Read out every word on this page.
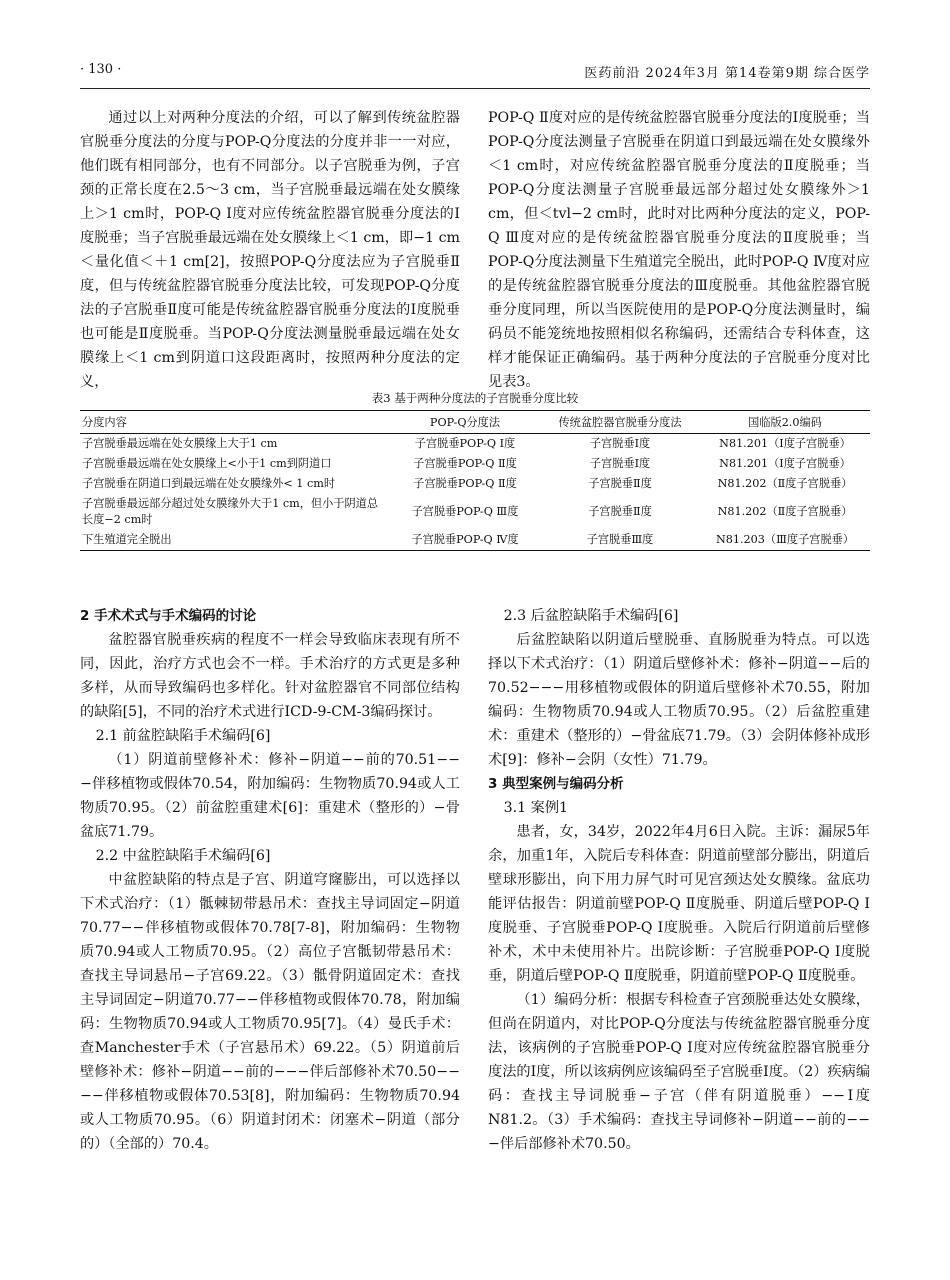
· 130 ·	医药前沿 2024年3月 第14卷第9期 综合医学

通过以上对两种分度法的介绍，可以了解到传统盆腔器官脱垂分度法的分度与POP-Q分度法的分度并非一一对应，他们既有相同部分，也有不同部分。以子宫脱垂为例，子宫颈的正常长度在2.5～3 cm，当子宫脱垂最远端在处女膜缘上＞1 cm时，POP-Q Ⅰ度对应传统盆腔器官脱垂分度法的Ⅰ度脱垂；当子宫脱垂最远端在处女膜缘上＜1 cm，即−1 cm＜量化值＜＋1 cm[2]，按照POP-Q分度法应为子宫脱垂Ⅱ度，但与传统盆腔器官脱垂分度法比较，可发现POP-Q分度法的子宫脱垂Ⅱ度可能是传统盆腔器官脱垂分度法的Ⅰ度脱垂也可能是Ⅱ度脱垂。当POP-Q分度法测量脱垂最远端在处女膜缘上＜1 cm到阴道口这段距离时，按照两种分度法的定义，

POP-Q Ⅱ度对应的是传统盆腔器官脱垂分度法的Ⅰ度脱垂；当POP-Q分度法测量子宫脱垂在阴道口到最远端在处女膜缘外＜1 cm时，对应传统盆腔器官脱垂分度法的Ⅱ度脱垂；当POP-Q分度法测量子宫脱垂最远部分超过处女膜缘外＞1 cm，但＜tvl−2 cm时，此时对比两种分度法的定义，POP-Q Ⅲ度对应的是传统盆腔器官脱垂分度法的Ⅱ度脱垂；当POP-Q分度法测量下生殖道完全脱出，此时POP-Q Ⅳ度对应的是传统盆腔器官脱垂分度法的Ⅲ度脱垂。其他盆腔器官脱垂分度同理，所以当医院使用的是POP-Q分度法测量时，编码员不能笼统地按照相似名称编码，还需结合专科体查，这样才能保证正确编码。基于两种分度法的子宫脱垂分度对比见表3。

表3 基于两种分度法的子宫脱垂分度比较
分度内容	POP-Q分度法	传统盆腔器官脱垂分度法	国临版2.0编码
子宫脱垂最远端在处女膜缘上大于1 cm	子宫脱垂POP-Q Ⅰ度	子宫脱垂Ⅰ度	N81.201（Ⅰ度子宫脱垂）
子宫脱垂最远端在处女膜缘上<小于1 cm到阴道口	子宫脱垂POP-Q Ⅱ度	子宫脱垂Ⅰ度	N81.201（Ⅰ度子宫脱垂）
子宫脱垂在阴道口到最远端在处女膜缘外< 1 cm时	子宫脱垂POP-Q Ⅱ度	子宫脱垂Ⅱ度	N81.202（Ⅱ度子宫脱垂）
子宫脱垂最远部分超过处女膜缘外大于1 cm，但小于阴道总长度−2 cm时	子宫脱垂POP-Q Ⅲ度	子宫脱垂Ⅱ度	N81.202（Ⅱ度子宫脱垂）
下生殖道完全脱出	子宫脱垂POP-Q Ⅳ度	子宫脱垂Ⅲ度	N81.203（Ⅲ度子宫脱垂）

2 手术术式与手术编码的讨论

盆腔器官脱垂疾病的程度不一样会导致临床表现有所不同，因此，治疗方式也会不一样。手术治疗的方式更是多种多样，从而导致编码也多样化。针对盆腔器官不同部位结构的缺陷[5]，不同的治疗术式进行ICD-9-CM-3编码探讨。

2.1 前盆腔缺陷手术编码[6]

（1）阴道前壁修补术：修补−阴道−−前的70.51−−−伴移植物或假体70.54，附加编码：生物物质70.94或人工物质70.95。（2）前盆腔重建术[6]：重建术（整形的）−骨盆底71.79。

2.2 中盆腔缺陷手术编码[6]

中盆腔缺陷的特点是子宫、阴道穹窿膨出，可以选择以下术式治疗：（1）骶棘韧带悬吊术：查找主导词固定−阴道70.77−−伴移植物或假体70.78[7-8]，附加编码：生物物质70.94或人工物质70.95。（2）高位子宫骶韧带悬吊术：查找主导词悬吊−子宫69.22。（3）骶骨阴道固定术：查找主导词固定−阴道70.77−−伴移植物或假体70.78，附加编码：生物物质70.94或人工物质70.95[7]。（4）曼氏手术：查Manchester手术（子宫悬吊术）69.22。（5）阴道前后壁修补术：修补−阴道−−前的−−−伴后部修补术70.50−−−−伴移植物或假体70.53[8]，附加编码：生物物质70.94或人工物质70.95。（6）阴道封闭术：闭塞术−阴道（部分的）（全部的）70.4。

2.3 后盆腔缺陷手术编码[6]

后盆腔缺陷以阴道后壁脱垂、直肠脱垂为特点。可以选择以下术式治疗：（1）阴道后壁修补术：修补−阴道−−后的70.52−−−用移植物或假体的阴道后壁修补术70.55，附加编码：生物物质70.94或人工物质70.95。（2）后盆腔重建术：重建术（整形的）−骨盆底71.79。（3）会阴体修补成形术[9]：修补−会阴（女性）71.79。

3 典型案例与编码分析

3.1 案例1

患者，女，34岁，2022年4月6日入院。主诉：漏尿5年余，加重1年，入院后专科体查：阴道前壁部分膨出，阴道后壁球形膨出，向下用力屏气时可见宫颈达处女膜缘。盆底功能评估报告：阴道前壁POP-Q Ⅱ度脱垂、阴道后壁POP-Q Ⅰ度脱垂、子宫脱垂POP-Q Ⅰ度脱垂。入院后行阴道前后壁修补术，术中未使用补片。出院诊断：子宫脱垂POP-Q Ⅰ度脱垂，阴道后壁POP-Q Ⅱ度脱垂，阴道前壁POP-Q Ⅱ度脱垂。

（1）编码分析：根据专科检查子宫颈脱垂达处女膜缘，但尚在阴道内，对比POP-Q分度法与传统盆腔器官脱垂分度法，该病例的子宫脱垂POP-Q Ⅰ度对应传统盆腔器官脱垂分度法的Ⅰ度，所以该病例应该编码至子宫脱垂Ⅰ度。（2）疾病编码：查找主导词脱垂−子宫（伴有阴道脱垂）−−Ⅰ度N81.2。（3）手术编码：查找主导词修补−阴道−−前的−−−伴后部修补术70.50。
